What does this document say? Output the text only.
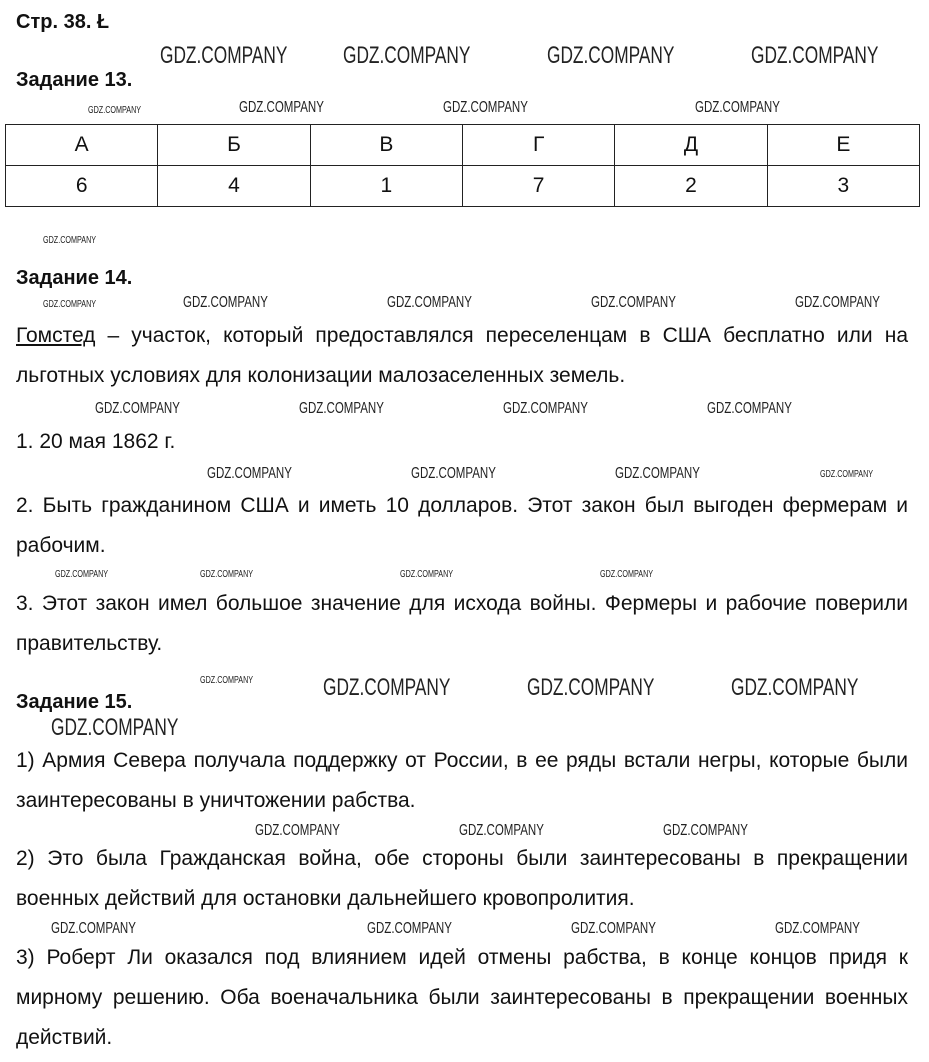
Стр. 38. Ł
Задание 13.
А	Б	В	Г	Д	Е
6	4	1	7	2	3
Задание 14.
Гомстед – участок, который предоставлялся переселенцам в США бесплатно или на льготных условиях для колонизации малозаселенных земель.
1. 20 мая 1862 г.
2. Быть гражданином США и иметь 10 долларов. Этот закон был выгоден фермерам и рабочим.
3. Этот закон имел большое значение для исхода войны. Фермеры и рабочие поверили правительству.
Задание 15.
1) Армия Севера получала поддержку от России, в ее ряды встали негры, которые были заинтересованы в уничтожении рабства.
2) Это была Гражданская война, обе стороны были заинтересованы в прекращении военных действий для остановки дальнейшего кровопролития.
3) Роберт Ли оказался под влиянием идей отмены рабства, в конце концов придя к мирному решению. Оба военачальника были заинтересованы в прекращении военных действий.
GDZ.COMPANY GDZ.COMPANY	GDZ.COMPANY	GDZ.COMPANY
GDZ.COMPANY	GDZ.COMPANY	GDZ.COMPANY
GDZ.COMPANY
GDZ.COMPANY
GDZ.COMPANY	GDZ.COMPANY	GDZ.COMPANY	GDZ.COMPANY	GDZ.COMPANY
GDZ.COMPANY	GDZ.COMPANY	GDZ.COMPANY	GDZ.COMPANY
GDZ.COMPANY	GDZ.COMPANY	GDZ.COMPANY	GDZ.COMPANY
GDZ.COMPANY	GDZ.COMPANY
GDZ.COMPANY	GDZ.COMPANY	GDZ.COMPANY
GDZ.COMPANY
GDZ.COMPANY	GDZ.COMPANY	GDZ.COMPANY
GDZ.COMPANY	GDZ.COMPANY	GDZ.COMPANY	GDZ.COMPANY
GDZ.COMPANY	GDZ.COMPANY
GDZ.COMPANY
